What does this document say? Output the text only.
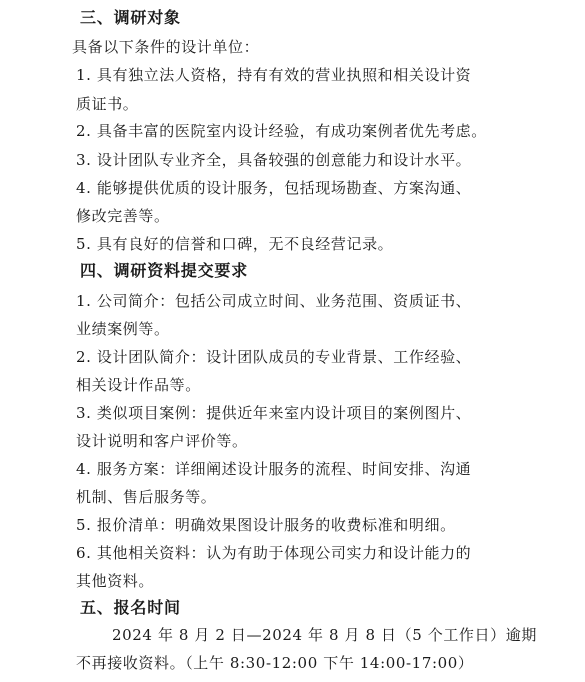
三、调研对象
具备以下条件的设计单位：
1. 具有独立法人资格，持有有效的营业执照和相关设计资
质证书。
2. 具备丰富的医院室内设计经验，有成功案例者优先考虑。
3. 设计团队专业齐全，具备较强的创意能力和设计水平。
4. 能够提供优质的设计服务，包括现场勘查、方案沟通、
修改完善等。
5. 具有良好的信誉和口碑，无不良经营记录。
四、调研资料提交要求
1. 公司简介：包括公司成立时间、业务范围、资质证书、
业绩案例等。
2. 设计团队简介：设计团队成员的专业背景、工作经验、
相关设计作品等。
3. 类似项目案例：提供近年来室内设计项目的案例图片、
设计说明和客户评价等。
4. 服务方案：详细阐述设计服务的流程、时间安排、沟通
机制、售后服务等。
5. 报价清单：明确效果图设计服务的收费标准和明细。
6. 其他相关资料：认为有助于体现公司实力和设计能力的
其他资料。
五、报名时间
2024 年 8 月 2 日—2024 年 8 月 8 日（5 个工作日）逾期
不再接收资料。（上午 8:30-12:00 下午 14:00-17:00）
